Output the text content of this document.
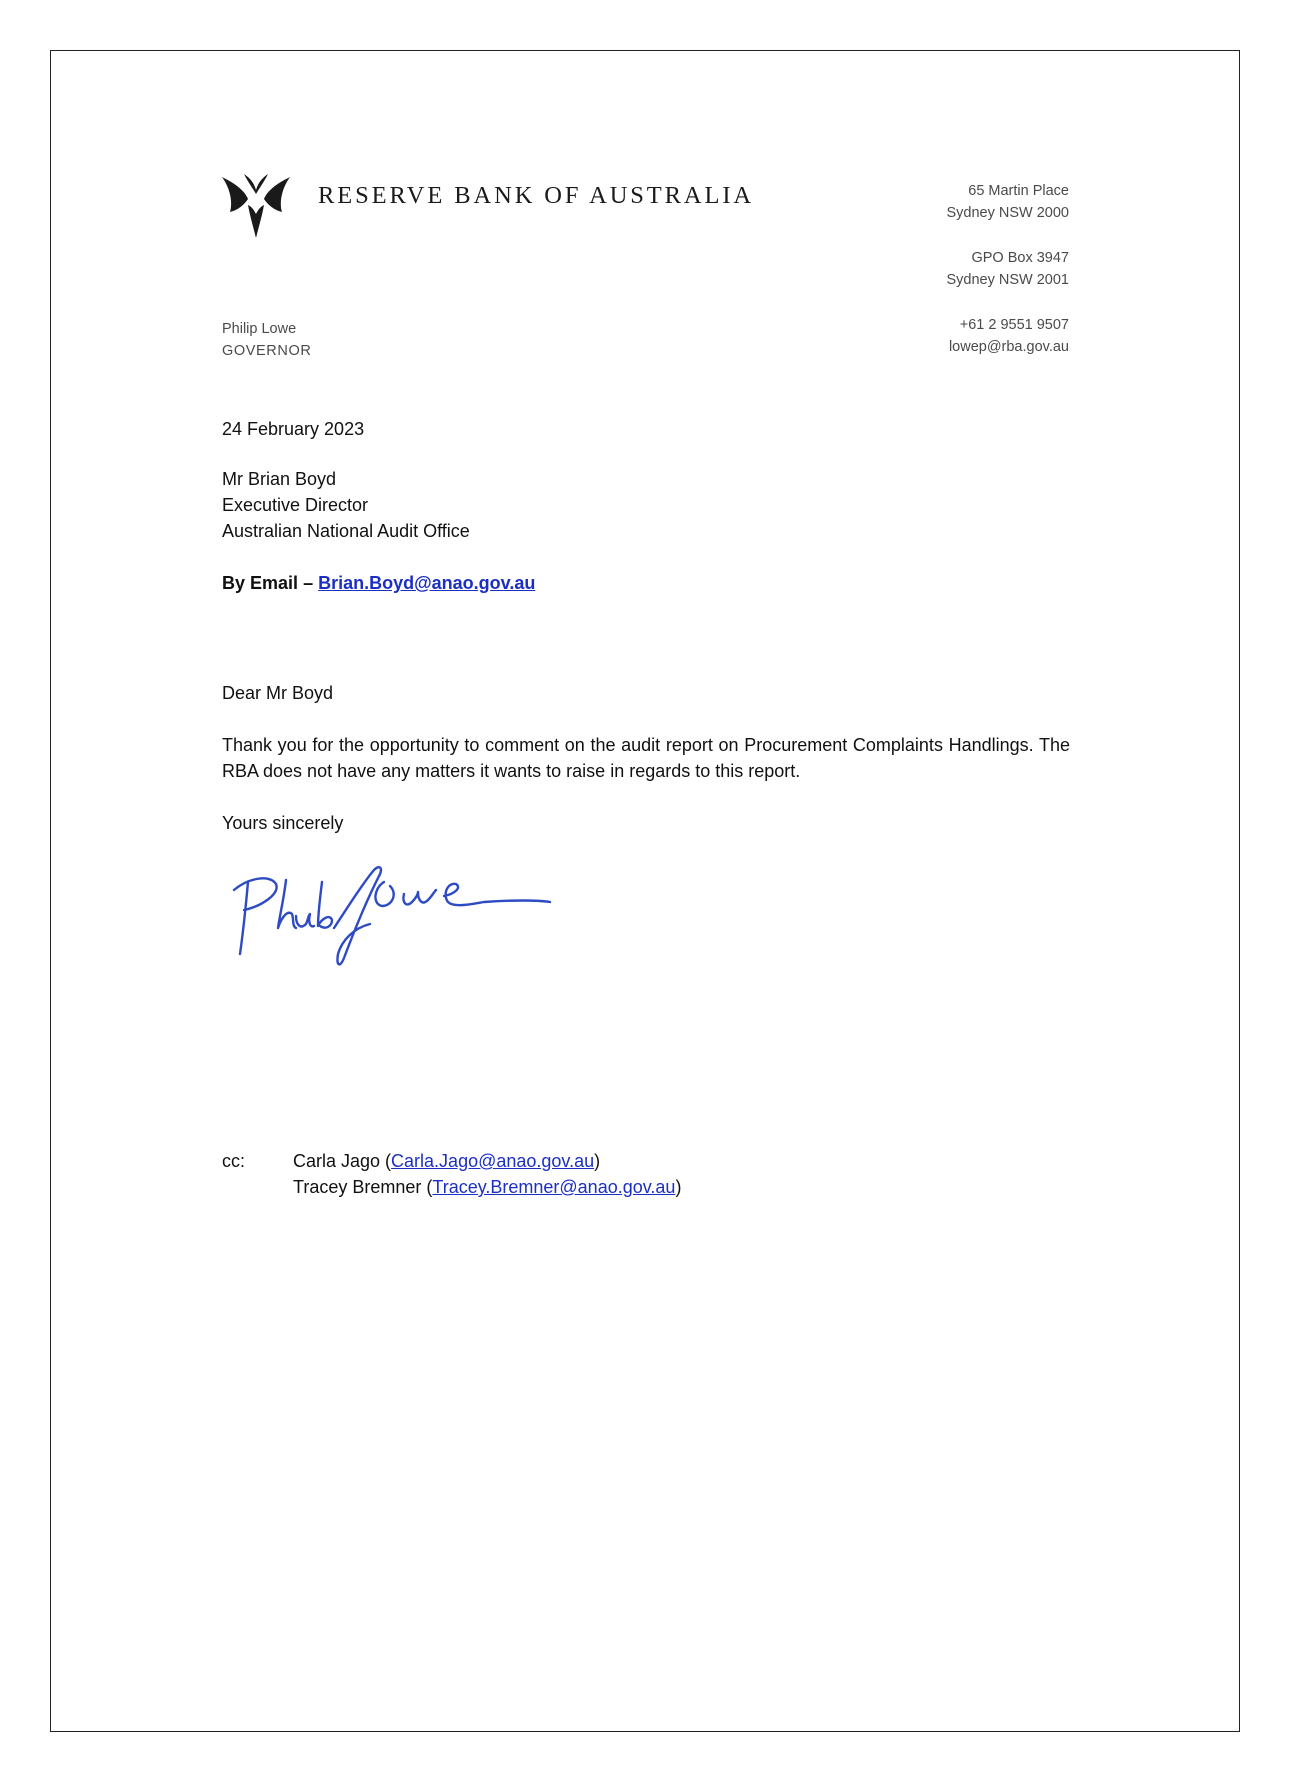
RESERVE BANK OF AUSTRALIA	65 Martin Place
Sydney NSW 2000
GPO Box 3947
Sydney NSW 2001
+61 2 9551 9507
lowep@rba.gov.au
Philip Lowe
GOVERNOR
24 February 2023
Mr Brian Boyd
Executive Director
Australian National Audit Office
By Email – Brian.Boyd@anao.gov.au
Dear Mr Boyd
Thank you for the opportunity to comment on the audit report on Procurement Complaints Handlings. The RBA does not have any matters it wants to raise in regards to this report.
Yours sincerely
cc:	Carla Jago (Carla.Jago@anao.gov.au)
Tracey Bremner (Tracey.Bremner@anao.gov.au)
